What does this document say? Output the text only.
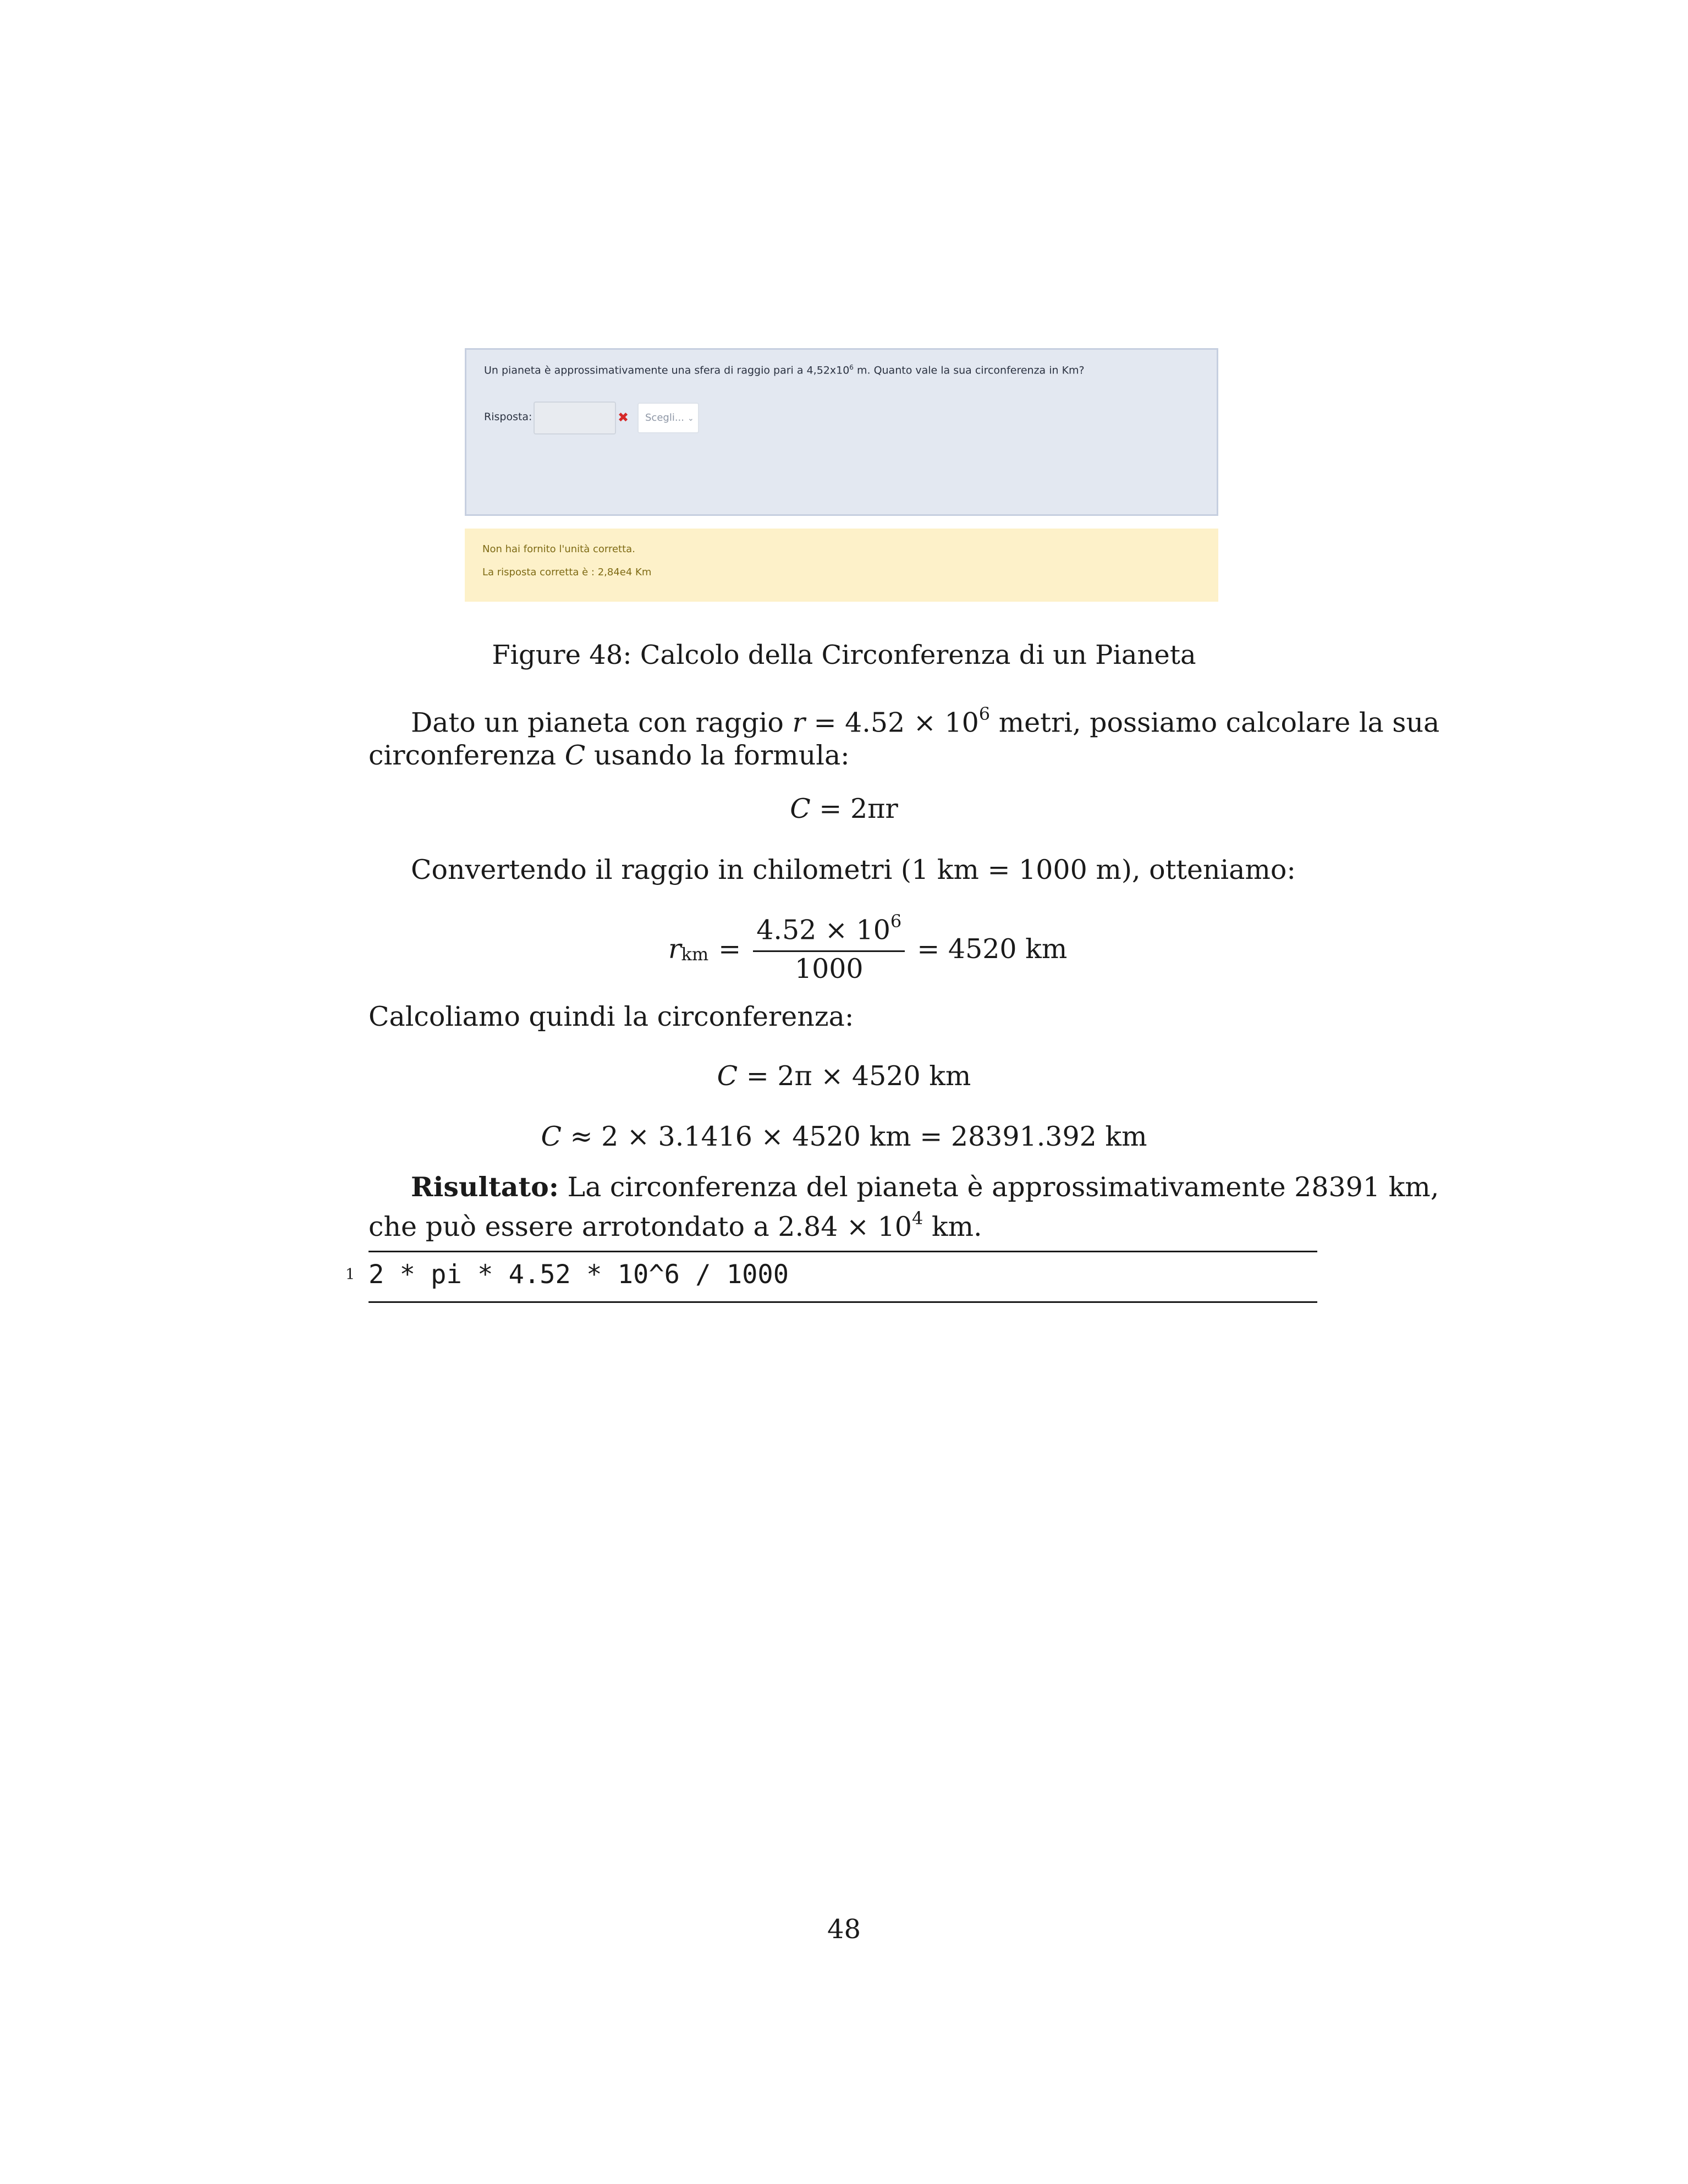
Un pianeta è approssimativamente una sfera di raggio pari a $4,52x10^6$ m. Quanto vale la sua circonferenza in Km?
Risposta:	✖	Scegli... ⌄
Non hai fornito l'unità corretta.
La risposta corretta è : 2,84e4 Km
Figure 48: Calcolo della Circonferenza di un Pianeta
Dato un pianeta con raggio $r = 4.52 \times 10^6$ metri, possiamo calcolare la sua
circonferenza C usando la formula:
C = 2πr
Convertendo il raggio in chilometri (1 km = 1000 m), otteniamo:
$r_{km} = \frac{4.52 \times 10^6}{1000} = 4520$ km
Calcoliamo quindi la circonferenza:
C = 2π × 4520 km
C ≈ 2 × 3.1416 × 4520 km = 28391.392 km
Risultato: La circonferenza del pianeta è approssimativamente 28391 km,
che può essere arrotondato a $2.84 \times 10^4$ km.
1 2 * pi * 4.52 * 10^6 / 1000
48
